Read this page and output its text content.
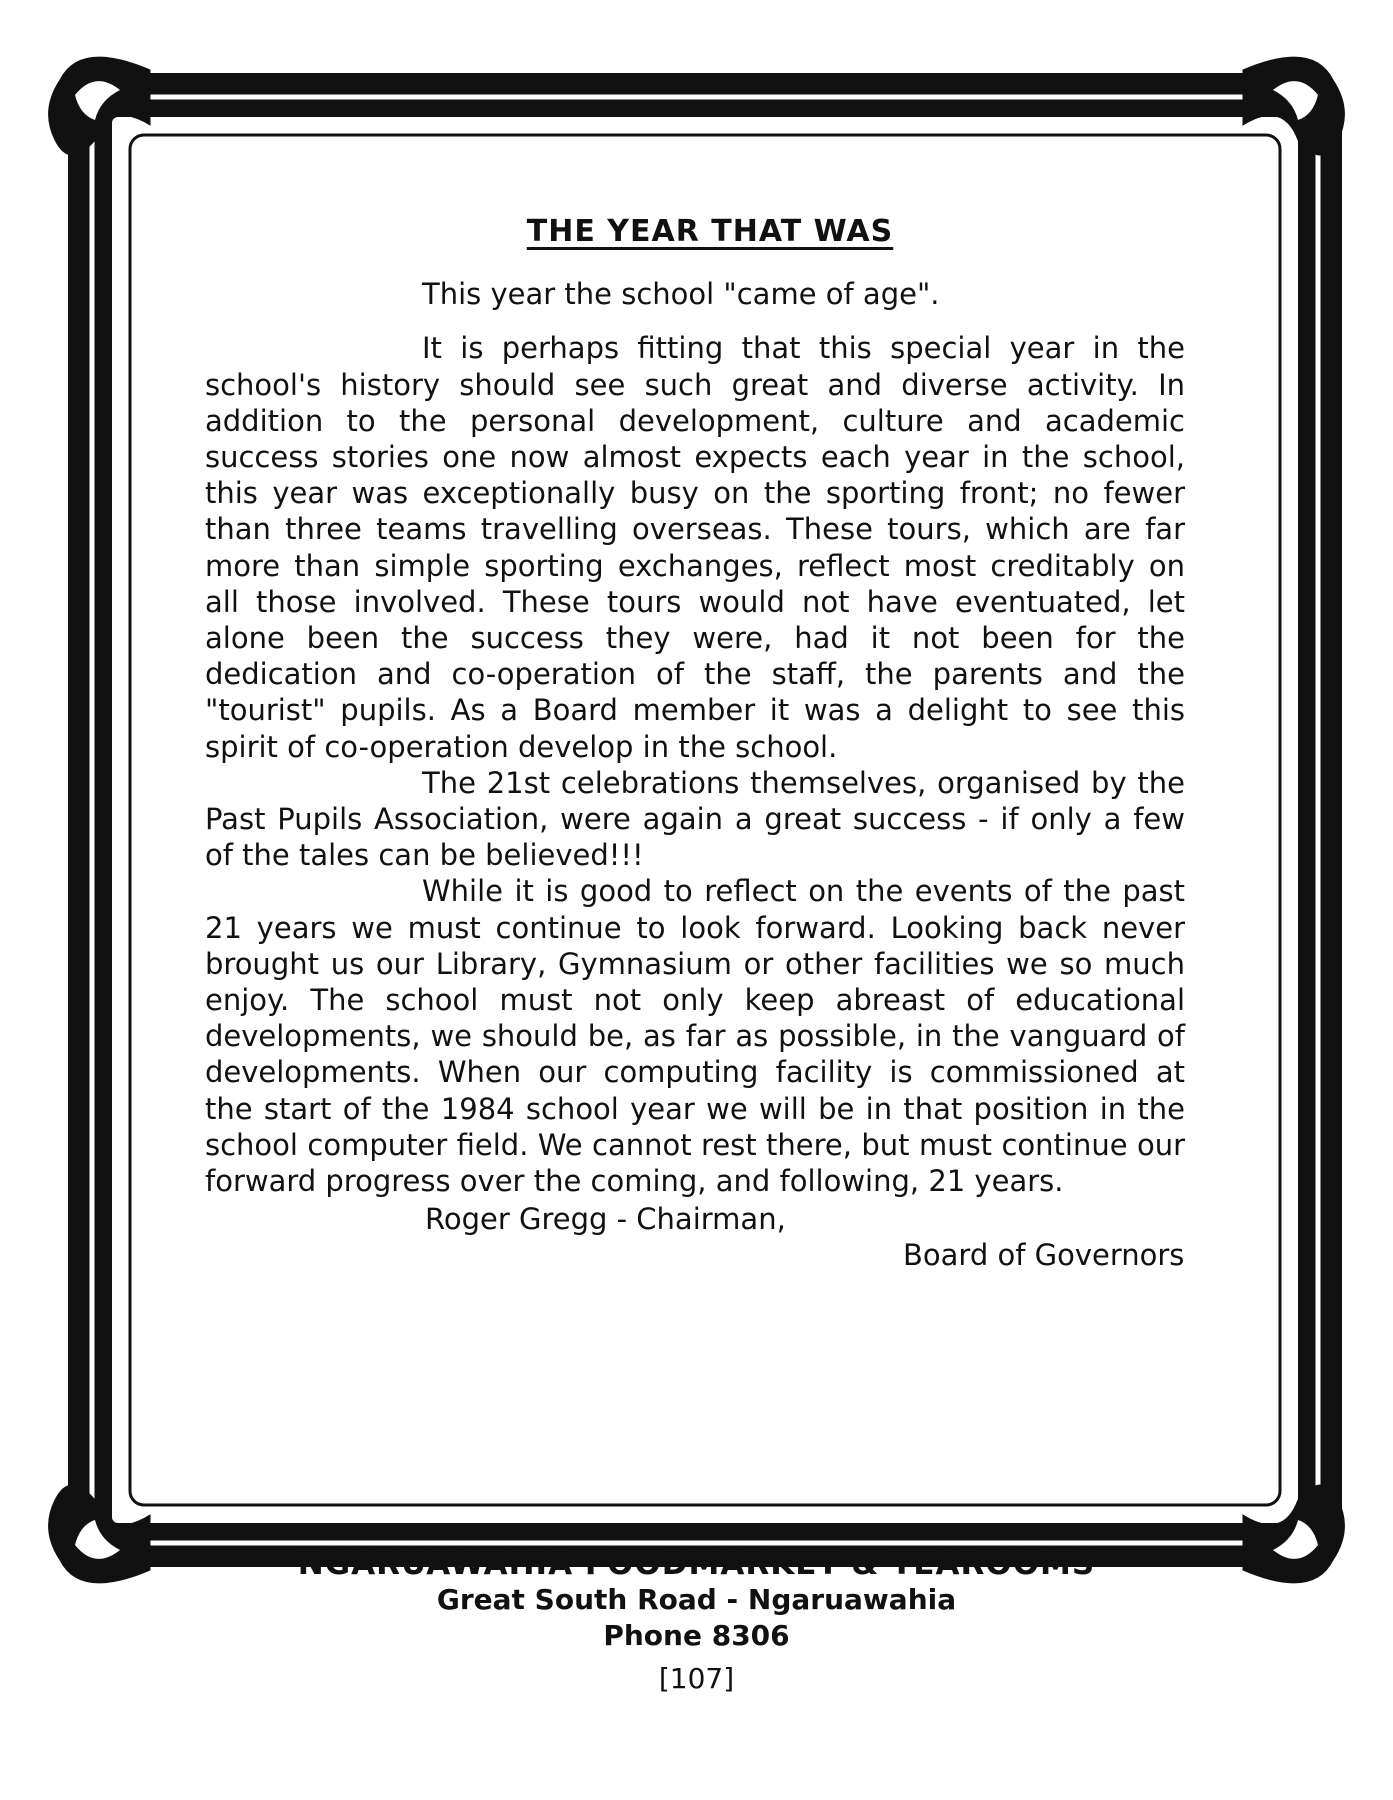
THE YEAR THAT WAS
This year the school "came of age".

It is perhaps fitting that this special year in the school's history should see such great and diverse activity. In addition to the personal development, culture and academic success stories one now almost expects each year in the school, this year was exceptionally busy on the sporting front; no fewer than three teams travelling overseas. These tours, which are far more than simple sporting exchanges, reflect most creditably on all those involved. These tours would not have eventuated, let alone been the success they were, had it not been for the dedication and co-operation of the staff, the parents and the "tourist" pupils. As a Board member it was a delight to see this spirit of co-operation develop in the school.

The 21st celebrations themselves, organised by the Past Pupils Association, were again a great success - if only a few of the tales can be believed!!!

While it is good to reflect on the events of the past 21 years we must continue to look forward. Looking back never brought us our Library, Gymnasium or other facilities we so much enjoy. The school must not only keep abreast of educational developments, we should be, as far as possible, in the vanguard of developments. When our computing facility is commissioned at the start of the 1984 school year we will be in that position in the school computer field. We cannot rest there, but must continue our forward progress over the coming, and following, 21 years.

Roger Gregg - Chairman,
Board of Governors
NGARUAWAHIA FOODMARKET & TEAROOMS
Great South Road - Ngaruawahia
Phone 8306
[107]
